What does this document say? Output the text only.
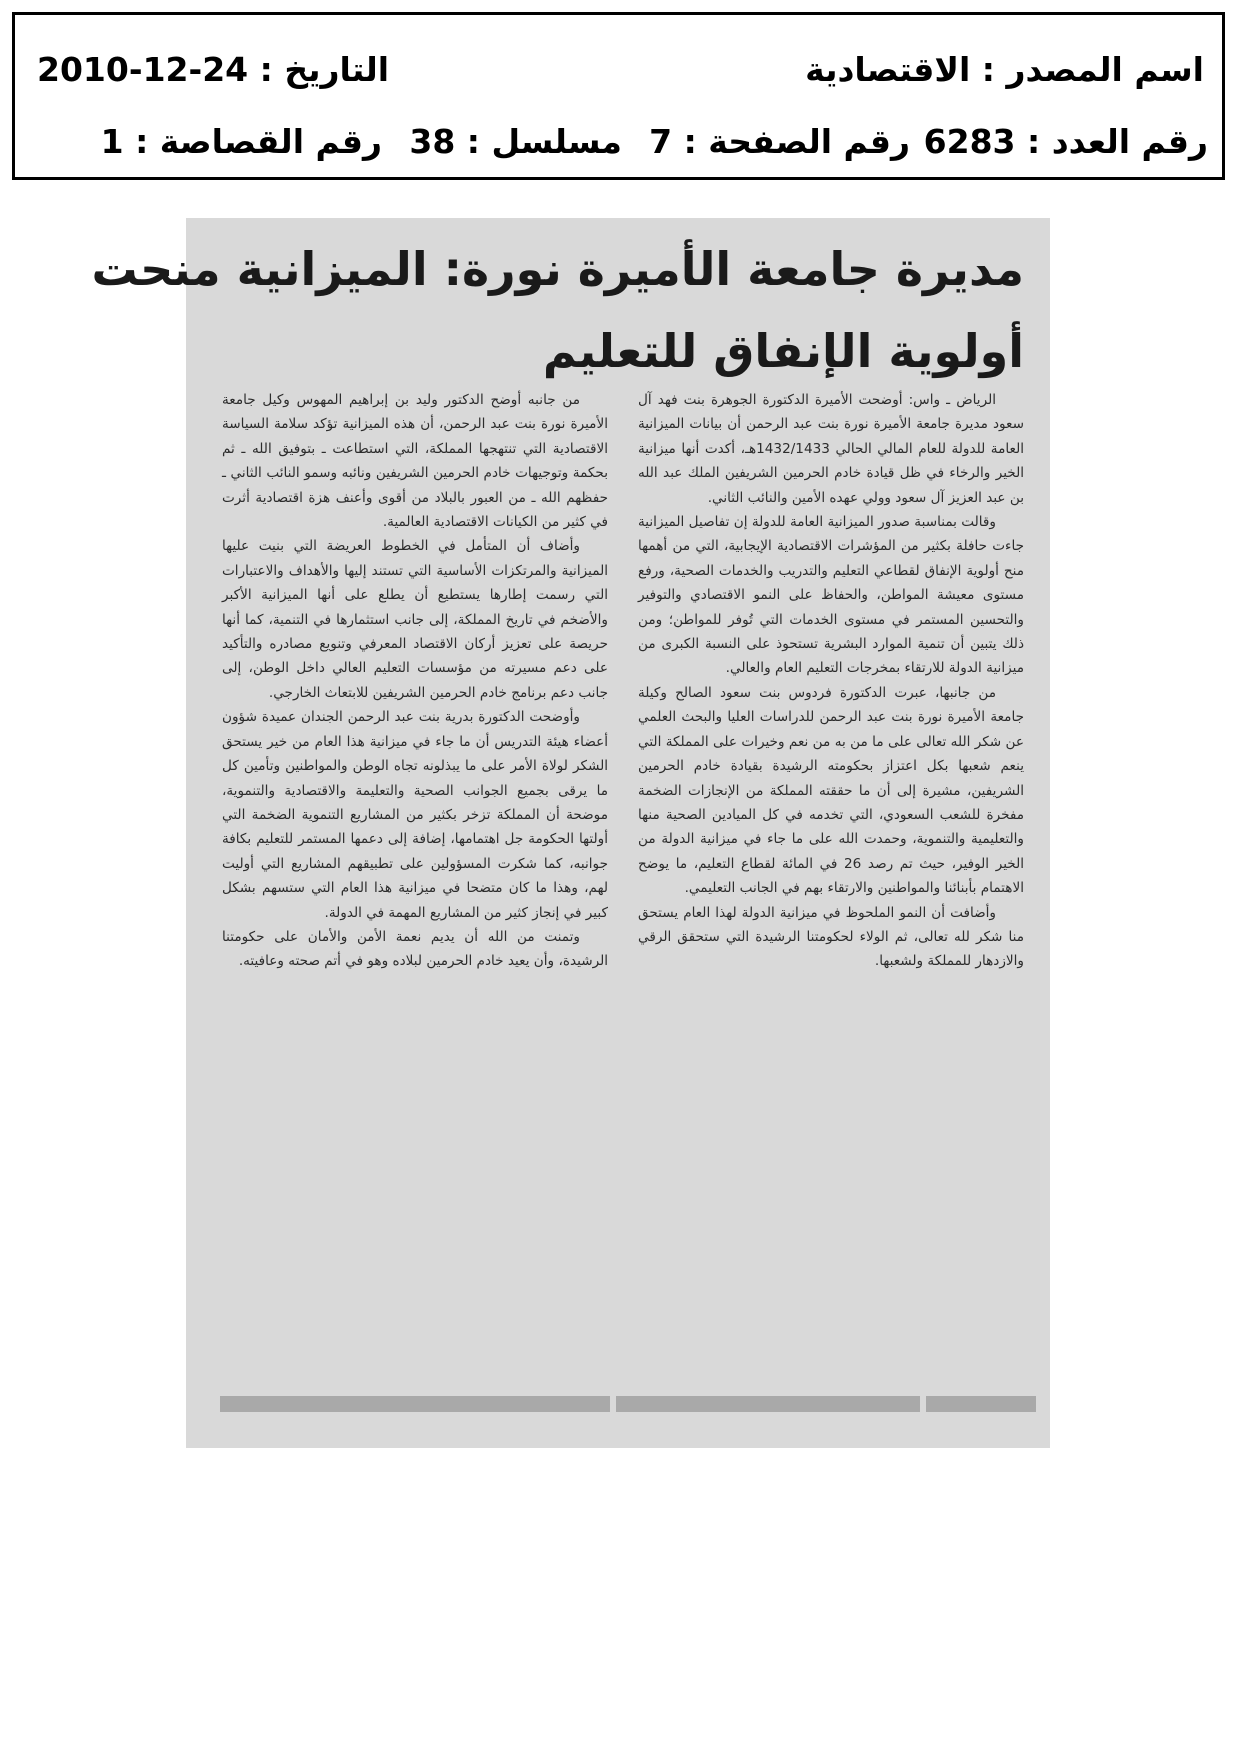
اسم المصدر : الاقتصادية
التاريخ : 24-12-2010
رقم العدد : 6283
رقم الصفحة : 7
مسلسل : 38
رقم القصاصة : 1
مديرة جامعة الأميرة نورة: الميزانية منحت
أولوية الإنفاق للتعليم

الرياض ـ واس: أوضحت الأميرة الدكتورة الجوهرة بنت فهد آل سعود مديرة جامعة الأميرة نورة بنت عبد الرحمن أن بيانات الميزانية العامة للدولة للعام المالي الحالي 1432/1433هـ، أكدت أنها ميزانية الخير والرخاء في ظل قيادة خادم الحرمين الشريفين الملك عبد الله بن عبد العزيز آل سعود وولي عهده الأمين والنائب الثاني.

وقالت بمناسبة صدور الميزانية العامة للدولة إن تفاصيل الميزانية جاءت حافلة بكثير من المؤشرات الاقتصادية الإيجابية، التي من أهمها منح أولوية الإنفاق لقطاعي التعليم والتدريب والخدمات الصحية، ورفع مستوى معيشة المواطن، والحفاظ على النمو الاقتصادي والتوفير والتحسين المستمر في مستوى الخدمات التي تُوفر للمواطن؛ ومن ذلك يتبين أن تنمية الموارد البشرية تستحوذ على النسبة الكبرى من ميزانية الدولة للارتقاء بمخرجات التعليم العام والعالي.

من جانبها، عبرت الدكتورة فردوس بنت سعود الصالح وكيلة جامعة الأميرة نورة بنت عبد الرحمن للدراسات العليا والبحث العلمي عن شكر الله تعالى على ما من به من نعم وخيرات على المملكة التي ينعم شعبها بكل اعتزاز بحكومته الرشيدة بقيادة خادم الحرمين الشريفين، مشيرة إلى أن ما حققته المملكة من الإنجازات الضخمة مفخرة للشعب السعودي، التي تخدمه في كل الميادين الصحية منها والتعليمية والتنموية، وحمدت الله على ما جاء في ميزانية الدولة من الخير الوفير، حيث تم رصد 26 في المائة لقطاع التعليم، ما يوضح الاهتمام بأبنائنا والمواطنين والارتقاء بهم في الجانب التعليمي.

وأضافت أن النمو الملحوظ في ميزانية الدولة لهذا العام يستحق منا شكر لله تعالى، ثم الولاء لحكومتنا الرشيدة التي ستحقق الرقي والازدهار للمملكة ولشعبها.

من جانبه أوضح الدكتور وليد بن إبراهيم المهوس وكيل جامعة الأميرة نورة بنت عبد الرحمن، أن هذه الميزانية تؤكد سلامة السياسة الاقتصادية التي تنتهجها المملكة، التي استطاعت ـ بتوفيق الله ـ ثم بحكمة وتوجيهات خادم الحرمين الشريفين ونائبه وسمو النائب الثاني ـ حفظهم الله ـ من العبور بالبلاد من أقوى وأعنف هزة اقتصادية أثرت في كثير من الكيانات الاقتصادية العالمية.

وأضاف أن المتأمل في الخطوط العريضة التي بنيت عليها الميزانية والمرتكزات الأساسية التي تستند إليها والأهداف والاعتبارات التي رسمت إطارها يستطيع أن يطلع على أنها الميزانية الأكبر والأضخم في تاريخ المملكة، إلى جانب استثمارها في التنمية، كما أنها حريصة على تعزيز أركان الاقتصاد المعرفي وتنويع مصادره والتأكيد على دعم مسيرته من مؤسسات التعليم العالي داخل الوطن، إلى جانب دعم برنامج خادم الحرمين الشريفين للابتعاث الخارجي.

وأوضحت الدكتورة بدرية بنت عبد الرحمن الجندان عميدة شؤون أعضاء هيئة التدريس أن ما جاء في ميزانية هذا العام من خير يستحق الشكر لولاة الأمر على ما يبذلونه تجاه الوطن والمواطنين وتأمين كل ما يرقى بجميع الجوانب الصحية والتعليمة والاقتصادية والتنموية، موضحة أن المملكة تزخر بكثير من المشاريع التنموية الضخمة التي أولتها الحكومة جل اهتمامها، إضافة إلى دعمها المستمر للتعليم بكافة جوانبه، كما شكرت المسؤولين على تطبيقهم المشاريع التي أوليت لهم، وهذا ما كان متضحا في ميزانية هذا العام التي ستسهم بشكل كبير في إنجاز كثير من المشاريع المهمة في الدولة.

وتمنت من الله أن يديم نعمة الأمن والأمان على حكومتنا الرشيدة، وأن يعيد خادم الحرمين لبلاده وهو في أتم صحته وعافيته.
